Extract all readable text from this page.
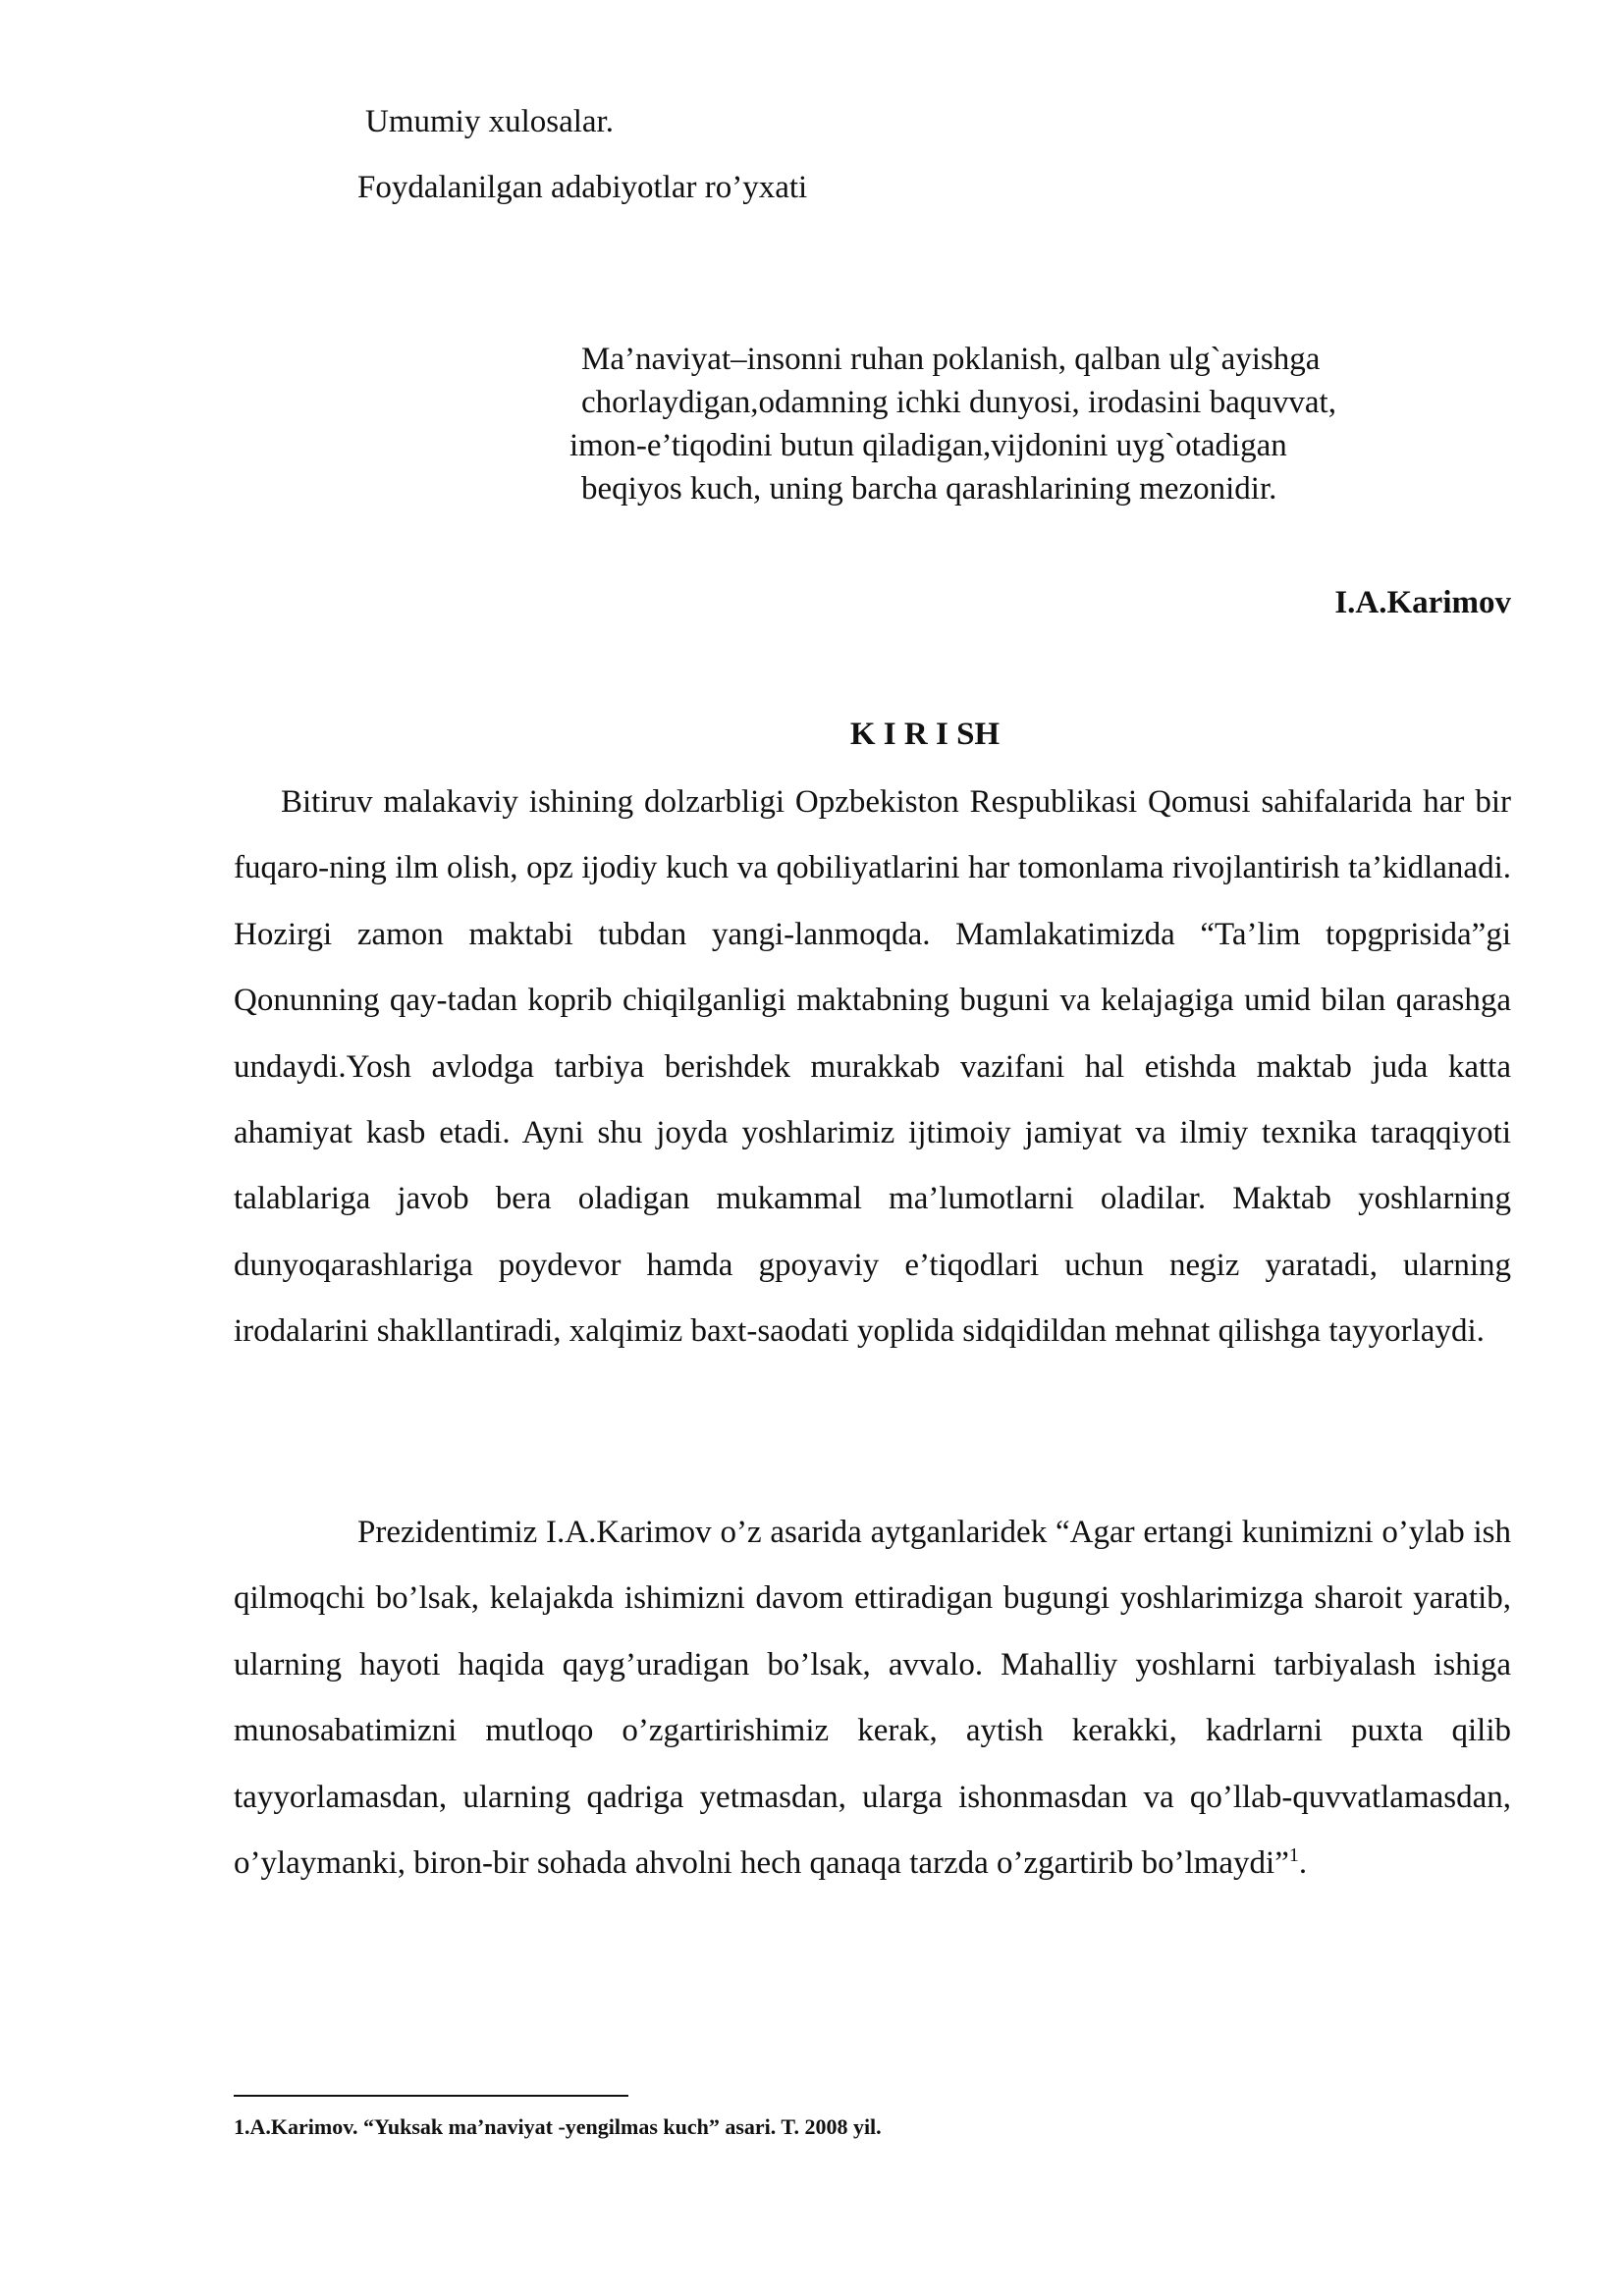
Umumiy xulosalar.
Foydalanilgan adabiyotlar ro’yxati
Ma’naviyat–insonni ruhan poklanish, qalban ulg`ayishga
chorlaydigan,odamning ichki dunyosi, irodasini baquvvat,
imon-e’tiqodini butun qiladigan,vijdonini uyg`otadigan
beqiyos kuch, uning barcha qarashlarining mezonidir.
I.A.Karimov
K I R I SH
Bitiruv malakaviy ishining dolzarbligi Opzbekiston Respublikasi Qomusi sahifalarida har bir fuqaro-ning ilm olish, opz ijodiy kuch va qobiliyatlarini har tomonlama rivojlantirish ta’kidlanadi. Hozirgi zamon maktabi tubdan yangi-lanmoqda. Mamlakatimizda “Ta’lim topgprisida”gi Qonunning qay-tadan koprib chiqilganligi maktabning buguni va kelajagiga umid bilan qarashga undaydi.Yosh avlodga tarbiya berishdek murakkab vazifani hal etishda maktab juda katta ahamiyat kasb etadi. Ayni shu joyda yoshlarimiz ijtimoiy jamiyat va ilmiy texnika taraqqiyoti talablariga javob bera oladigan mukammal ma’lumotlarni oladilar. Maktab yoshlarning dunyoqarashlariga poydevor hamda gpoyaviy e’tiqodlari uchun negiz yaratadi, ularning irodalarini shakllantiradi, xalqimiz baxt-saodati yoplida sidqidildan mehnat qilishga tayyorlaydi.
Prezidentimiz I.A.Karimov o’z asarida aytganlaridek “Agar ertangi kunimizni o’ylab ish qilmoqchi bo’lsak, kelajakda ishimizni davom ettiradigan bugungi yoshlarimizga sharoit yaratib, ularning hayoti haqida qayg’uradigan bo’lsak, avvalo. Mahalliy yoshlarni tarbiyalash ishiga munosabatimizni mutloqo o’zgartirishimiz kerak, aytish kerakki, kadrlarni puxta qilib tayyorlamasdan, ularning qadriga yetmasdan, ularga ishonmasdan va qo’llab-quvvatlamasdan, o’ylaymanki, biron-bir sohada ahvolni hech qanaqa tarzda o’zgartirib bo’lmaydi”$^1$.
1.A.Karimov. “Yuksak ma’naviyat -yengilmas kuch” asari. T. 2008 yil.
